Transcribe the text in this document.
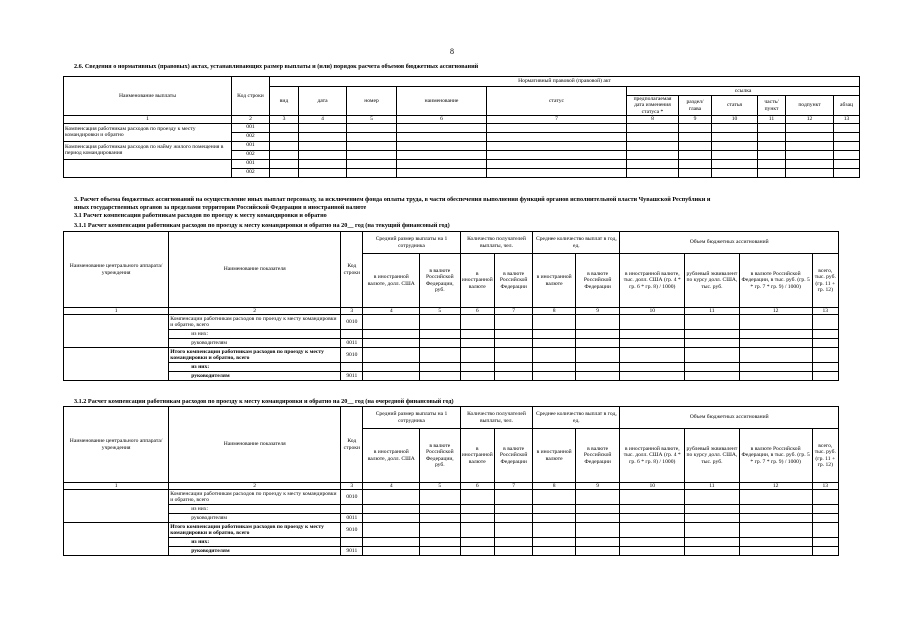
8
2.6. Сведения о нормативных (правовых) актах, устанавливающих размер выплаты и (или) порядок расчета объемов бюджетных ассигнований
Наименование выплаты	Код строки	Нормативный правовой (правовой) акт										
		вид	дата	номер	наименование	статус	ссылка					
							предполагаемая дата изменения статуса *	раздел/ глава	статья	часть/ пункт	подпункт	абзац
1	2	3	4	5	6	7	8	9	10	11	12	13
Компенсация работникам расходов по проезду к месту командировки и обратно	001											
	002											
Компенсация работникам расходов по найму жилого помещения в период командирования	001											
	002											
	001											
	002											
3. Расчет объема бюджетных ассигнований на осуществление иных выплат персоналу, за исключением фонда оплаты труда, в части обеспечения выполнения функций органов исполнительной власти Чувашской Республики и
иных государственных органов за пределами территории Российской Федерации в иностранной валюте
3.1 Расчет компенсации работникам расходов по проезду к месту командировки и обратно
3.1.1 Расчет компенсации работникам расходов по проезду к месту командировки и обратно на 20__ год (на текущий финансовый год)
3.1.2 Расчет компенсации работникам расходов по проезду к месту командировки и обратно на 20__ год (на очередной финансовый год)
Наименование центрального аппарата/учреждения	Наименование показателя	Код строки	Средний размер выплаты на 1 сотрудника		Количество получателей выплаты, чел.		Среднее количество выплат в год, ед.		Объем бюджетных ассигнований			
			в иностранной валюте, долл. США	в валюте Российской Федерации, руб.	в иностранной валюте	в валюте Российской Федерации	в иностранной валюте	в валюте Российской Федерации	в иностранной валюте, тыс. долл. США (гр. 4 * гр. 6 * гр. 8) / 1000)	рублевый эквивалент по курсу долл. США, тыс. руб.	в валюте Российской Федерации, в тыс. руб. (гр. 5 * гр. 7 * гр. 9) / 1000)	всего, тыс. руб. (гр. 11 + гр. 12)
1	2	3	4	5	6	7	8	9	10	11	12	13
	Компенсации работникам расходов по проезду к месту командировки и обратно, всего	0010										
	из них:											
	руководителям	0011										
	Итого компенсации работникам расходов по проезду к месту командировки и обратно, всего	9010										
	из них:											
	руководителям	9011										
Наименование центрального аппарата/учреждения	Наименование показателя	Код строки	Средний размер выплаты на 1 сотрудника		Количество получателей выплаты, чел.		Среднее количество выплат в год, ед.		Объем бюджетных ассигнований			
			в иностранной валюте, долл. США	в валюте Российской Федерации, руб.	в иностранной валюте	в валюте Российской Федерации	в иностранной валюте	в валюте Российской Федерации	в иностранной валюте, тыс. долл. США (гр. 4 * гр. 6 * гр. 8) / 1000)	рублевый эквивалент по курсу долл. США, тыс. руб.	в валюте Российской Федерации, в тыс. руб. (гр. 5 * гр. 7 * гр. 9) / 1000)	всего, тыс. руб. (гр. 11 + гр. 12)
1	2	3	4	5	6	7	8	9	10	11	12	13
	Компенсации работникам расходов по проезду к месту командировки и обратно, всего	0010										
	из них:											
	руководителям	0011										
	Итого компенсации работникам расходов по проезду к месту командировки и обратно, всего	9010										
	из них:											
	руководителям	9011										
